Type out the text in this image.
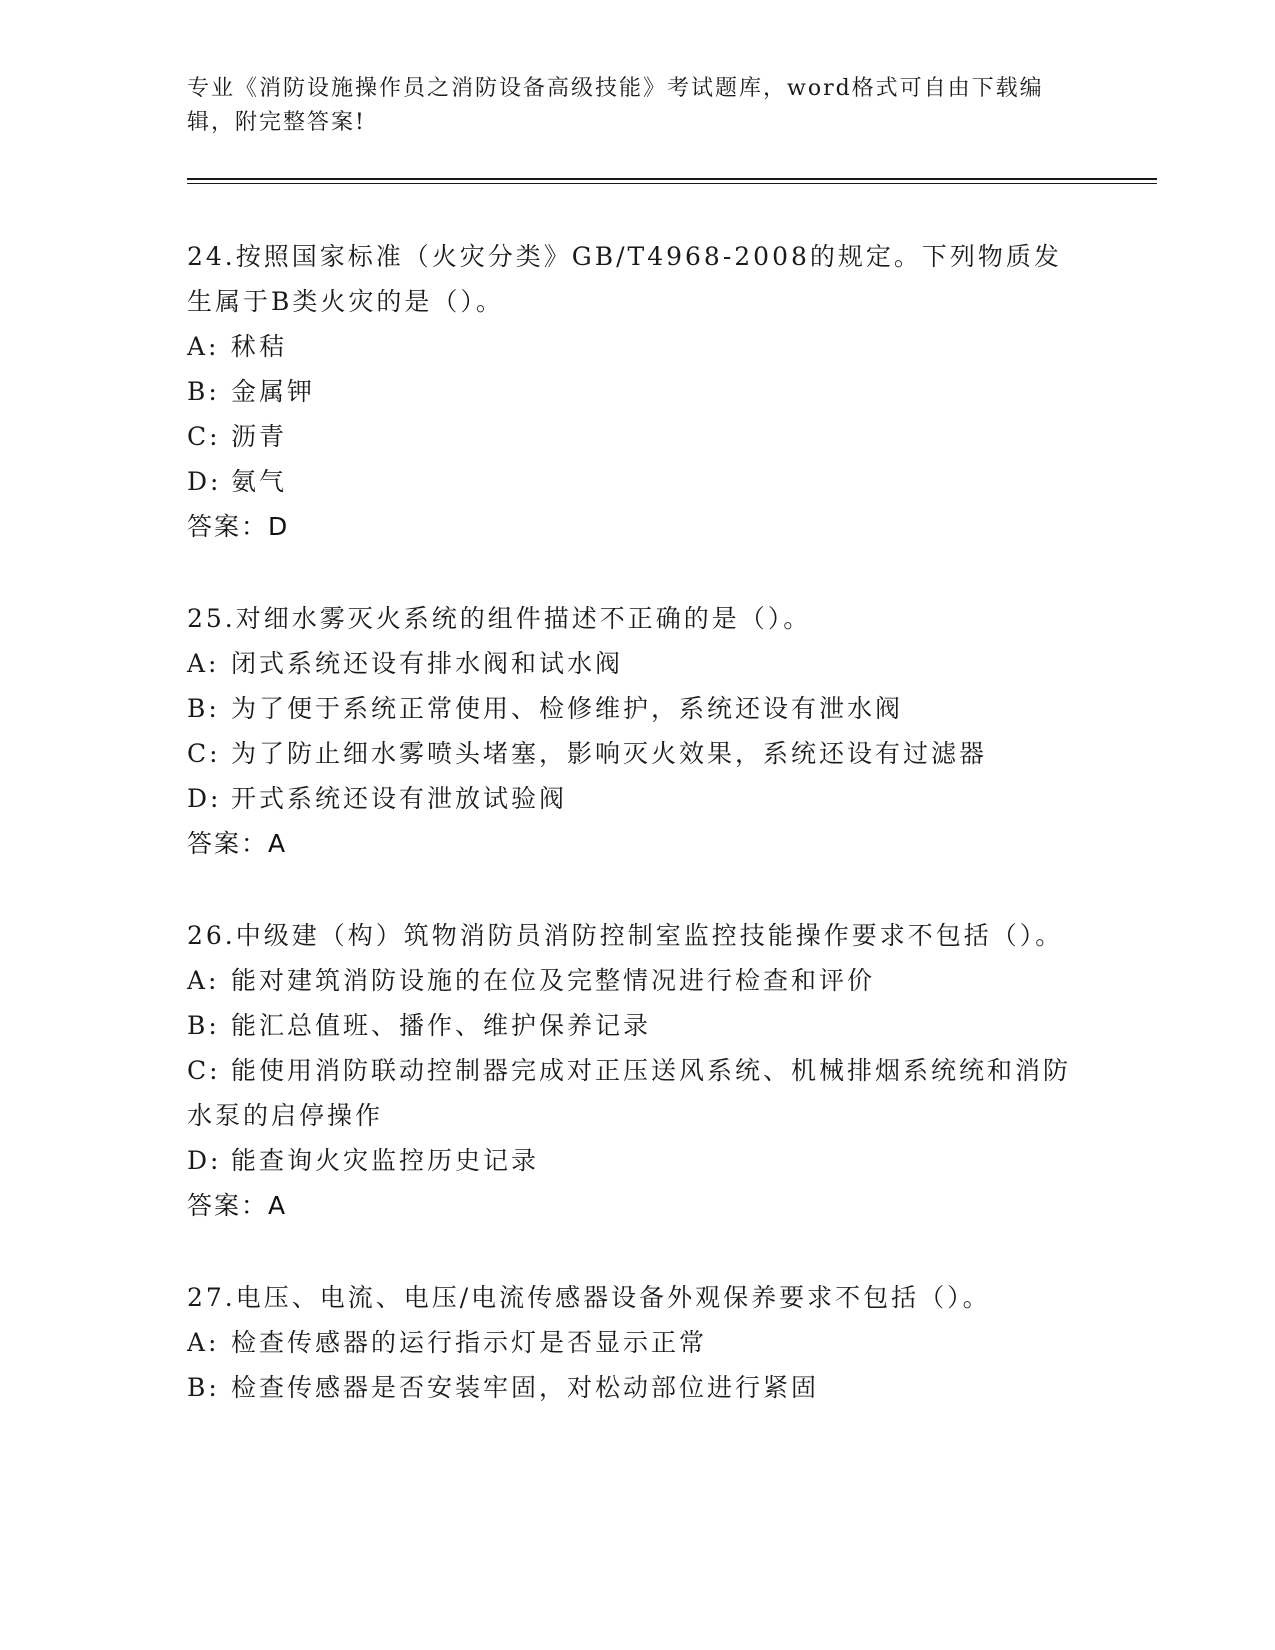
专业《消防设施操作员之消防设备高级技能》考试题库，word格式可自由下载编辑，附完整答案!

24.按照国家标准（火灾分类》GB/T4968-2008的规定。下列物质发生属于B类火灾的是（）。

A: 秫秸

B: 金属钾

C: 沥青

D: 氨气

答案：D

25.对细水雾灭火系统的组件描述不正确的是（）。

A: 闭式系统还设有排水阀和试水阀

B: 为了便于系统正常使用、检修维护，系统还设有泄水阀

C: 为了防止细水雾喷头堵塞，影响灭火效果，系统还设有过滤器

D: 开式系统还设有泄放试验阀

答案：A

26.中级建（构）筑物消防员消防控制室监控技能操作要求不包括（）。

A: 能对建筑消防设施的在位及完整情况进行检查和评价

B: 能汇总值班、播作、维护保养记录

C: 能使用消防联动控制器完成对正压送风系统、机械排烟系统统和消防水泵的启停操作

D: 能查询火灾监控历史记录

答案：A

27.电压、电流、电压/电流传感器设备外观保养要求不包括（）。

A: 检查传感器的运行指示灯是否显示正常

B: 检查传感器是否安装牢固，对松动部位进行紧固
